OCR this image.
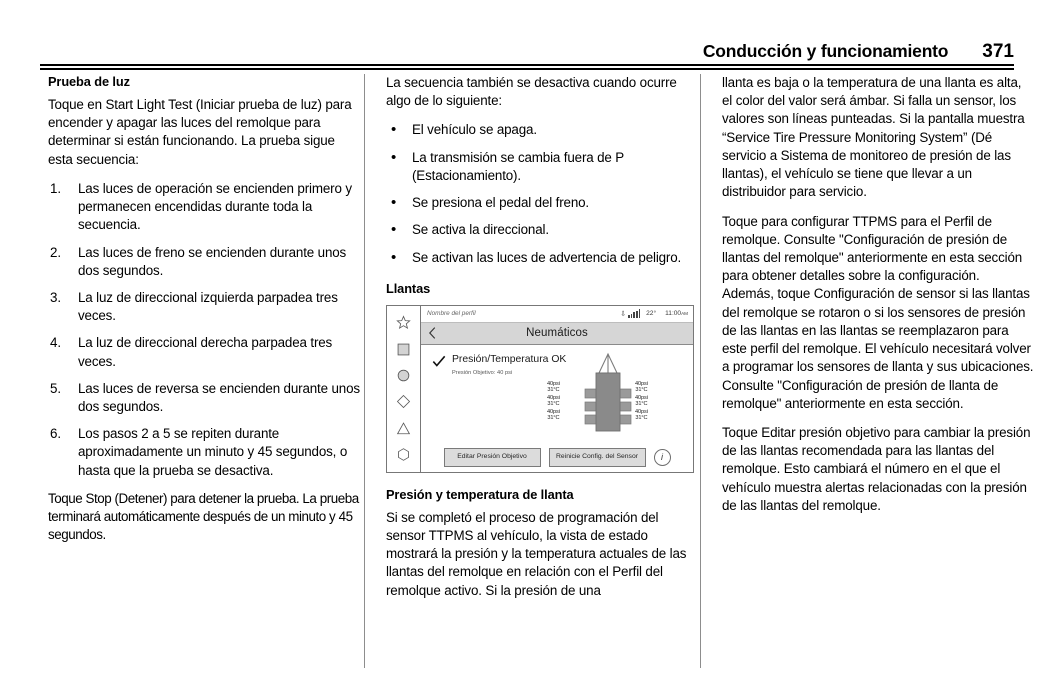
Conducción y funcionamiento 371
Prueba de luz

Toque en Start Light Test (Iniciar prueba de luz) para encender y apagar las luces del remolque para determinar si están funcionando. La prueba sigue esta secuencia:

Las luces de operación se encienden primero y permanecen encendidas durante toda la secuencia.
Las luces de freno se encienden durante unos dos segundos.
La luz de direccional izquierda parpadea tres veces.
La luz de direccional derecha parpadea tres veces.
Las luces de reversa se encienden durante unos dos segundos.
Los pasos 2 a 5 se repiten durante aproximadamente un minuto y 45 segundos, o hasta que la prueba se desactiva.

Toque Stop (Detener) para detener la prueba. La prueba terminará automáticamente después de un minuto y 45 segundos.

La secuencia también se desactiva cuando ocurre algo de lo siguiente:

• El vehículo se apaga.
• La transmisión se cambia fuera de P (Estacionamiento).
• Se presiona el pedal del freno.
• Se activa la direccional.
• Se activan las luces de advertencia de peligro.
Llantas
Nombre del perfil	⇩	22° 11:00AM
Neumáticos
Presión/Temperatura OK
Presión Objetivo: 40 psi
40psi
31°C
40psi
31°C
40psi
31°C
40psi
31°C
40psi
31°C
40psi
31°C
Editar Presión Objetivo	Reinicie Config. del Sensor	i
Presión y temperatura de llanta

Si se completó el proceso de programación del sensor TTPMS al vehículo, la vista de estado mostrará la presión y la temperatura actuales de las llantas del remolque en relación con el Perfil del remolque activo. Si la presión de una

llanta es baja o la temperatura de una llanta es alta, el color del valor será ámbar. Si falla un sensor, los valores son líneas punteadas. Si la pantalla muestra “Service Tire Pressure Monitoring System” (Dé servicio a Sistema de monitoreo de presión de las llantas), el vehículo se tiene que llevar a un distribuidor para servicio.

Toque para configurar TTPMS para el Perfil de remolque. Consulte "Configuración de presión de llantas del remolque" anteriormente en esta sección para obtener detalles sobre la configuración. Además, toque Configuración de sensor si las llantas del remolque se rotaron o si los sensores de presión de las llantas en las llantas se reemplazaron para este perfil del remolque. El vehículo necesitará volver a programar los sensores de llanta y sus ubicaciones. Consulte "Configuración de presión de llanta de remolque" anteriormente en esta sección.

Toque Editar presión objetivo para cambiar la presión de las llantas recomendada para las llantas del remolque. Esto cambiará el número en el que el vehículo muestra alertas relacionadas con la presión de las llantas del remolque.
